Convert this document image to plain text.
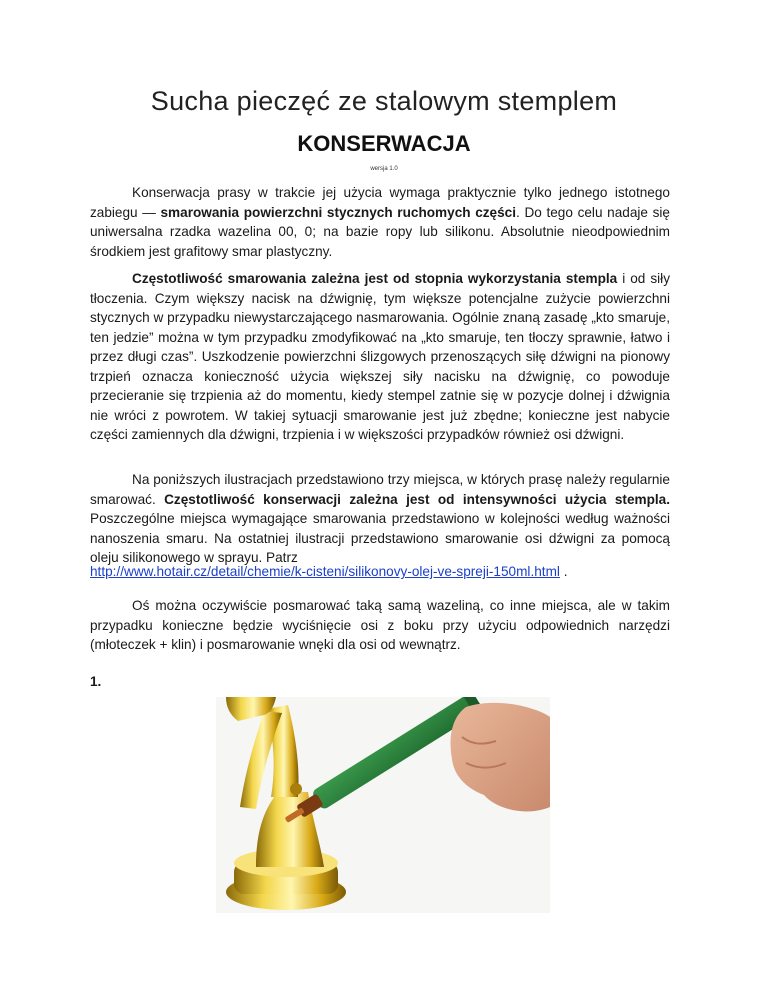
Sucha pieczęć ze stalowym stemplem
KONSERWACJA
wersja 1.0

Konserwacja prasy w trakcie jej użycia wymaga praktycznie tylko jednego istotnego zabiegu — smarowania powierzchni stycznych ruchomych części. Do tego celu nadaje się uniwersalna rzadka wazelina 00, 0; na bazie ropy lub silikonu. Absolutnie nieodpowiednim środkiem jest grafitowy smar plastyczny.

Częstotliwość smarowania zależna jest od stopnia wykorzystania stempla i od siły tłoczenia. Czym większy nacisk na dźwignię, tym większe potencjalne zużycie powierzchni stycznych w przypadku niewystarczającego nasmarowania. Ogólnie znaną zasadę „kto smaruje, ten jedzie” można w tym przypadku zmodyfikować na „kto smaruje, ten tłoczy sprawnie, łatwo i przez długi czas”. Uszkodzenie powierzchni ślizgowych przenoszących siłę dźwigni na pionowy trzpień oznacza konieczność użycia większej siły nacisku na dźwignię, co powoduje przecieranie się trzpienia aż do momentu, kiedy stempel zatnie się w pozycje dolnej i dźwignia nie wróci z powrotem. W takiej sytuacji smarowanie jest już zbędne; konieczne jest nabycie części zamiennych dla dźwigni, trzpienia i w większości przypadków również osi dźwigni.

Na poniższych ilustracjach przedstawiono trzy miejsca, w których prasę należy regularnie smarować. Częstotliwość konserwacji zależna jest od intensywności użycia stempla. Poszczególne miejsca wymagające smarowania przedstawiono w kolejności według ważności nanoszenia smaru. Na ostatniej ilustracji przedstawiono smarowanie osi dźwigni za pomocą oleju silikonowego w sprayu. Patrz

http://www.hotair.cz/detail/chemie/k-cisteni/silikonovy-olej-ve-spreji-150ml.html .

Oś można oczywiście posmarować taką samą wazeliną, co inne miejsca, ale w takim przypadku konieczne będzie wyciśnięcie osi z boku przy użyciu odpowiednich narzędzi (młoteczek + klin) i posmarowanie wnęki dla osi od wewnątrz.

1.
